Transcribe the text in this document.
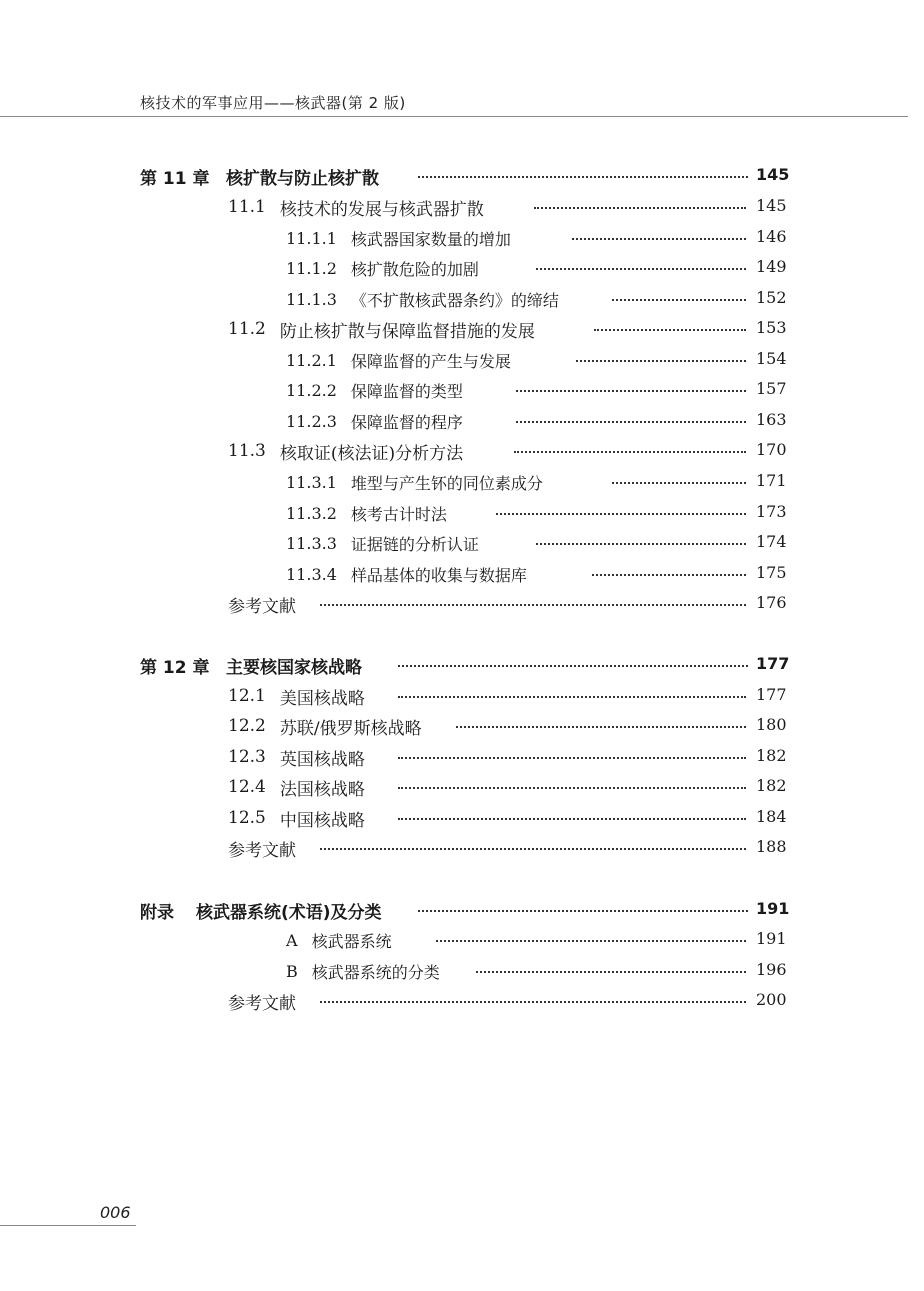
核技术的军事应用——核武器(第 2 版)
第 11 章 核扩散与防止核扩散	145
11.1 核技术的发展与核武器扩散	145
11.1.1 核武器国家数量的增加	146
11.1.2 核扩散危险的加剧	149
11.1.3 《不扩散核武器条约》的缔结	152
11.2 防止核扩散与保障监督措施的发展	153
11.2.1 保障监督的产生与发展	154
11.2.2 保障监督的类型	157
11.2.3 保障监督的程序	163
11.3 核取证(核法证)分析方法	170
11.3.1 堆型与产生钚的同位素成分	171
11.3.2 核考古计时法	173
11.3.3 证据链的分析认证	174
11.3.4 样品基体的收集与数据库	175
参考文献	176
第 12 章 主要核国家核战略	177
12.1 美国核战略	177
12.2 苏联/俄罗斯核战略	180
12.3 英国核战略	182
12.4 法国核战略	182
12.5 中国核战略	184
参考文献	188
附录	核武器系统(术语)及分类	191
A 核武器系统	191
B 核武器系统的分类	196
参考文献	200
006
